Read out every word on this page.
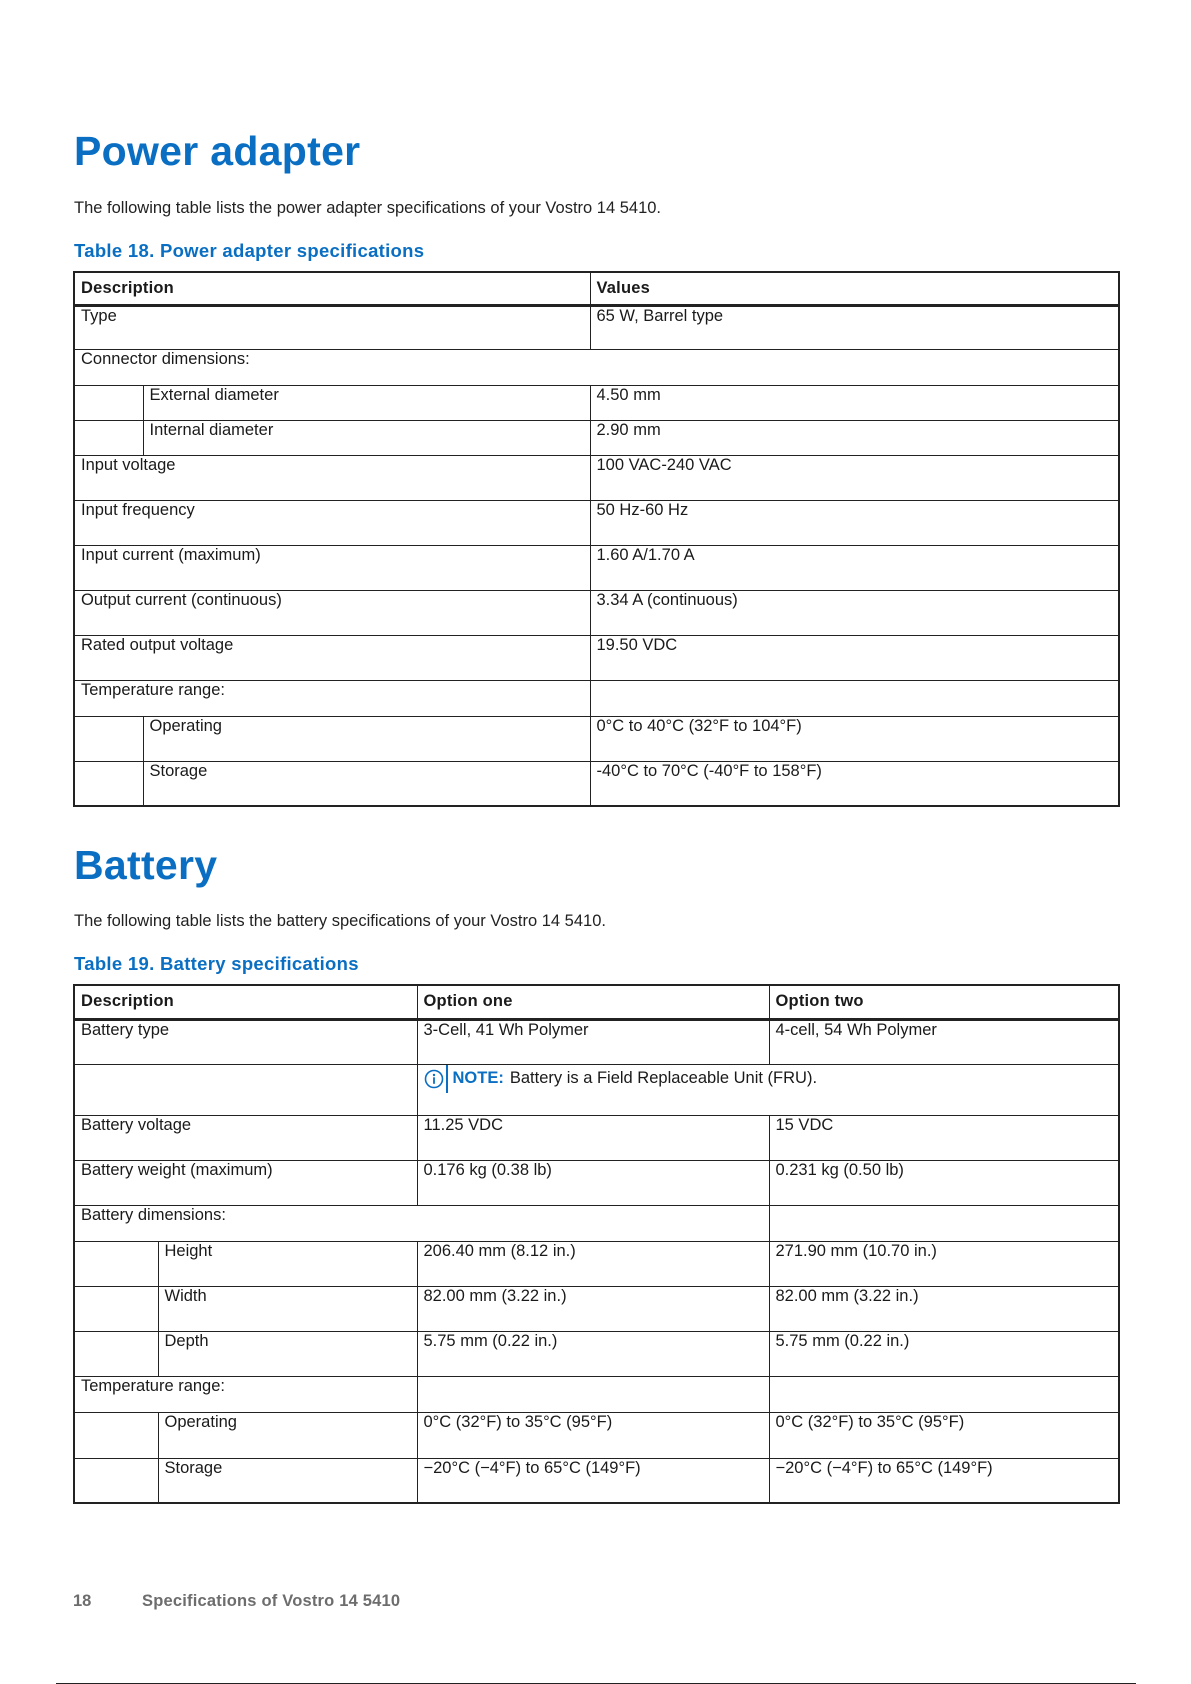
Power adapter
The following table lists the power adapter specifications of your Vostro 14 5410.
Table 18. Power adapter specifications
Description		Values
Type		65 W, Barrel type
Connector dimensions:		
	External diameter	4.50 mm
	Internal diameter	2.90 mm
Input voltage		100 VAC-240 VAC
Input frequency		50 Hz-60 Hz
Input current (maximum)		1.60 A/1.70 A
Output current (continuous)		3.34 A (continuous)
Rated output voltage		19.50 VDC
Temperature range:		
	Operating	0°C to 40°C (32°F to 104°F)
	Storage	-40°C to 70°C (-40°F to 158°F)
Battery
The following table lists the battery specifications of your Vostro 14 5410.
Table 19. Battery specifications
Description		Option one	Option two
Battery type		3-Cell, 41 Wh Polymer	4-cell, 54 Wh Polymer

		NOTE: Battery is a Field Replaceable Unit (FRU).	

Battery voltage		11.25 VDC	15 VDC
Battery weight (maximum)		0.176 kg (0.38 lb)	0.231 kg (0.50 lb)
Battery dimensions:			
	Height	206.40 mm (8.12 in.)	271.90 mm (10.70 in.)
	Width	82.00 mm (3.22 in.)	82.00 mm (3.22 in.)
	Depth	5.75 mm (0.22 in.)	5.75 mm (0.22 in.)
Temperature range:			
	Operating	0°C (32°F) to 35°C (95°F)	0°C (32°F) to 35°C (95°F)
	Storage	−20°C (−4°F) to 65°C (149°F)	−20°C (−4°F) to 65°C (149°F)
18	Specifications of Vostro 14 5410
